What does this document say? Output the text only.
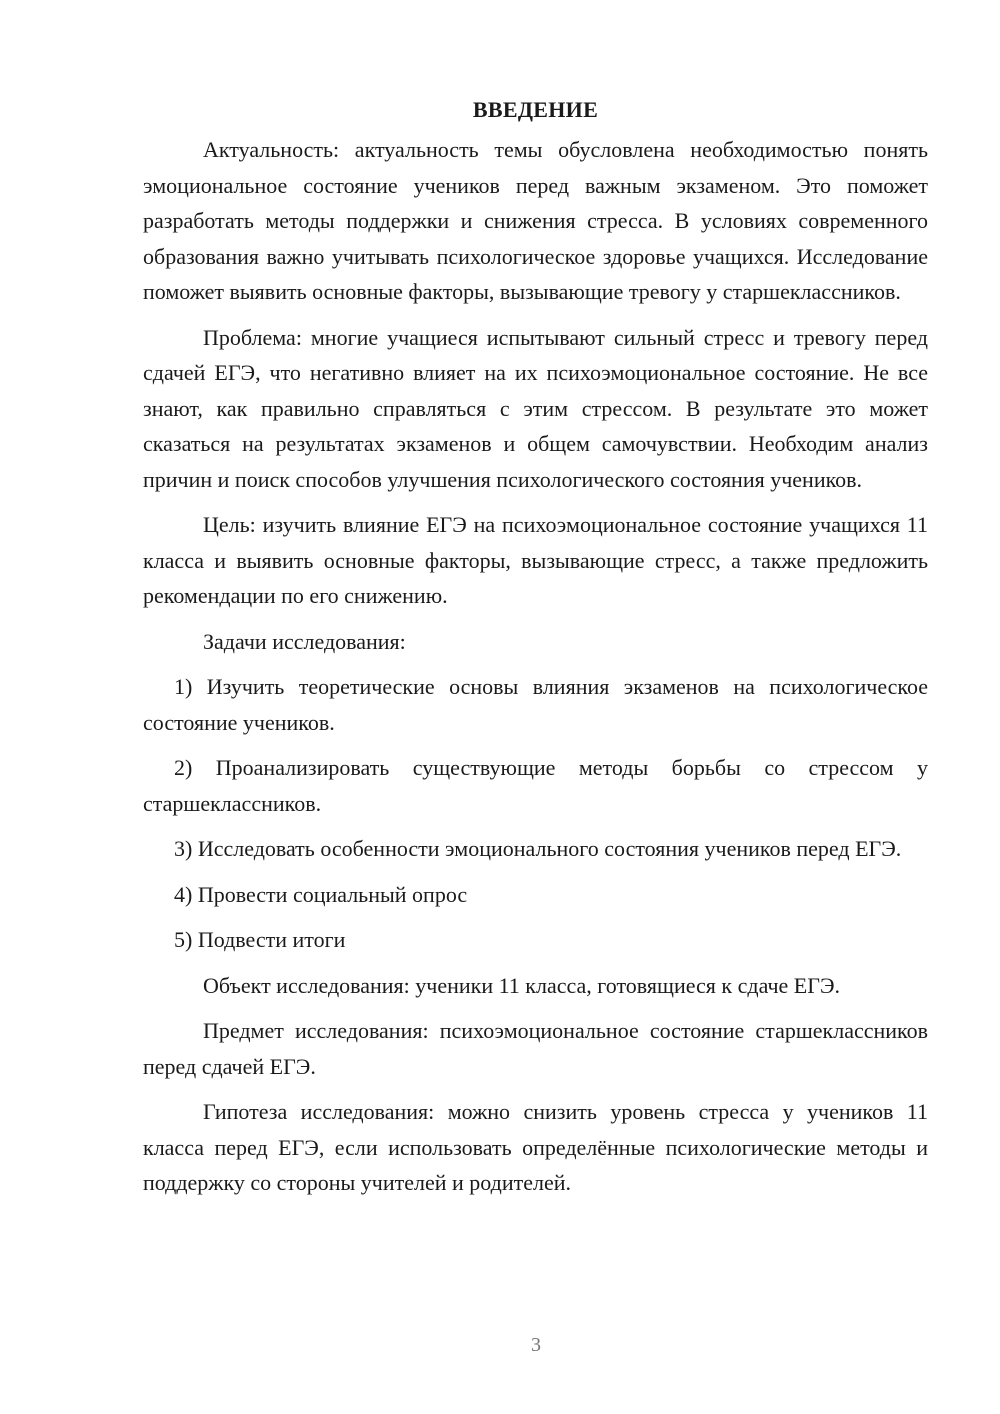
ВВЕДЕНИЕ

Актуальность: актуальность темы обусловлена необходимостью понять эмоциональное состояние учеников перед важным экзаменом. Это поможет разработать методы поддержки и снижения стресса. В условиях современного образования важно учитывать психологическое здоровье учащихся. Исследование поможет выявить основные факторы, вызывающие тревогу у старшеклассников.

Проблема: многие учащиеся испытывают сильный стресс и тревогу перед сдачей ЕГЭ, что негативно влияет на их психоэмоциональное состояние. Не все знают, как правильно справляться с этим стрессом. В результате это может сказаться на результатах экзаменов и общем самочувствии. Необходим анализ причин и поиск способов улучшения психологического состояния учеников.

Цель: изучить влияние ЕГЭ на психоэмоциональное состояние учащихся 11 класса и выявить основные факторы, вызывающие стресс, а также предложить рекомендации по его снижению.

Задачи исследования:

1) Изучить теоретические основы влияния экзаменов на психологическое состояние учеников.

2) Проанализировать существующие методы борьбы со стрессом у старшеклассников.

3) Исследовать особенности эмоционального состояния учеников перед ЕГЭ.

4) Провести социальный опрос

5) Подвести итоги

Объект исследования: ученики 11 класса, готовящиеся к сдаче ЕГЭ.

Предмет исследования: психоэмоциональное состояние старшеклассников перед сдачей ЕГЭ.

Гипотеза исследования: можно снизить уровень стресса у учеников 11 класса перед ЕГЭ, если использовать определённые психологические методы и поддержку со стороны учителей и родителей.

3
